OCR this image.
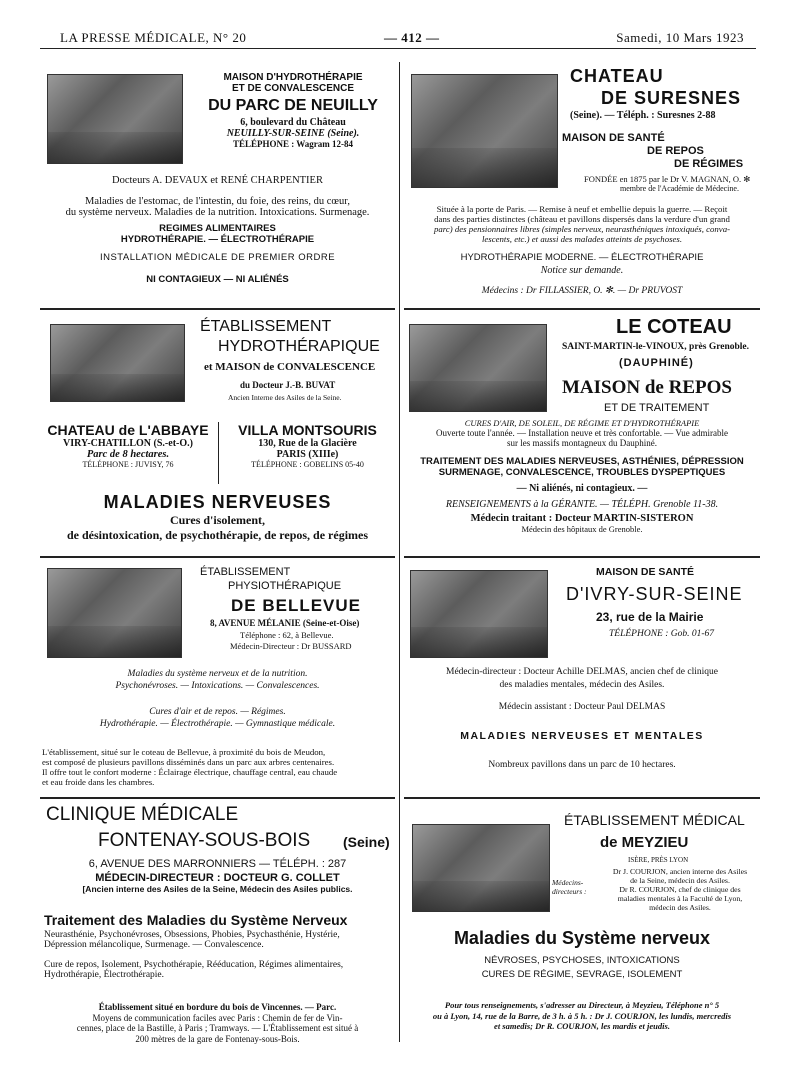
LA PRESSE MÉDICALE, N° 20	— 412 —	Samedi, 10 Mars 1923

MAISON D'HYDROTHÉRAPIE

ET DE CONVALESCENCE

DU PARC DE NEUILLY

6, boulevard du Château

NEUILLY-SUR-SEINE (Seine).

TÉLÉPHONE : Wagram 12-84

Docteurs A. DEVAUX et RENÉ CHARPENTIER

Maladies de l'estomac, de l'intestin, du foie, des reins, du cœur,

du système nerveux. Maladies de la nutrition. Intoxications. Surmenage.

REGIMES ALIMENTAIRES

HYDROTHÉRAPIE. — ÉLECTROTHÉRAPIE

INSTALLATION MÉDICALE DE PREMIER ORDRE

NI CONTAGIEUX — NI ALIÉNÉS

CHATEAU
DE SURESNES
(Seine). — Téléph. : Suresnes 2-88
MAISON DE SANTÉ
DE REPOS
DE RÉGIMES
FONDÉE en 1875 par le Dr V. MAGNAN, O. ✻
membre de l'Académie de Médecine.

Située à la porte de Paris. — Remise à neuf et embellie depuis la guerre. — Reçoit

dans des parties distinctes (château et pavillons dispersés dans la verdure d'un grand

parc) des pensionnaires libres (simples nerveux, neurasthéniques intoxiqués, conva-

lescents, etc.) et aussi des malades atteints de psychoses.

HYDROTHÉRAPIE MODERNE. — ÉLECTROTHÉRAPIE

Notice sur demande.

Médecins : Dr FILLASSIER, O. ✻. — Dr PRUVOST

ÉTABLISSEMENT
HYDROTHÉRAPIQUE
et MAISON de CONVALESCENCE
du Docteur J.-B. BUVAT
Ancien Interne des Asiles de la Seine.

CHATEAU de L'ABBAYE

VIRY-CHATILLON (S.-et-O.)

Parc de 8 hectares.

TÉLÉPHONE : JUVISY, 76

VILLA MONTSOURIS

130, Rue de la Glacière

PARIS (XIIIe)

TÉLÉPHONE : GOBELINS 05-40

MALADIES NERVEUSES

Cures d'isolement,

de désintoxication, de psychothérapie, de repos, de régimes

LE COTEAU
SAINT-MARTIN-le-VINOUX, près Grenoble.
(DAUPHINÉ)
MAISON de REPOS
ET DE TRAITEMENT

CURES D'AIR, DE SOLEIL, DE RÉGIME ET D'HYDROTHÉRAPIE

Ouverte toute l'année. — Installation neuve et très confortable. — Vue admirable

sur les massifs montagneux du Dauphiné.

TRAITEMENT DES MALADIES NERVEUSES, ASTHÉNIES, DÉPRESSION

SURMENAGE, CONVALESCENCE, TROUBLES DYSPEPTIQUES

— Ni aliénés, ni contagieux. —

RENSEIGNEMENTS à la GÉRANTE. — TÉLÉPH. Grenoble 11-38.

Médecin traitant : Docteur MARTIN-SISTERON

Médecin des hôpitaux de Grenoble.

ÉTABLISSEMENT
PHYSIOTHÉRAPIQUE
DE BELLEVUE
8, AVENUE MÉLANIE (Seine-et-Oise)
Téléphone : 62, à Bellevue.
Médecin-Directeur : Dr BUSSARD

Maladies du système nerveux et de la nutrition.

Psychonévroses. — Intoxications. — Convalescences.

Cures d'air et de repos. — Régimes.

Hydrothérapie. — Électrothérapie. — Gymnastique médicale.

L'établissement, situé sur le coteau de Bellevue, à proximité du bois de Meudon,

est composé de plusieurs pavillons disséminés dans un parc aux arbres centenaires.

Il offre tout le confort moderne : Éclairage électrique, chauffage central, eau chaude

et eau froide dans les chambres.

MAISON DE SANTÉ
D'IVRY-SUR-SEINE
23, rue de la Mairie
TÉLÉPHONE : Gob. 01-67

Médecin-directeur : Docteur Achille DELMAS, ancien chef de clinique

des maladies mentales, médecin des Asiles.

Médecin assistant : Docteur Paul DELMAS

MALADIES NERVEUSES ET MENTALES

Nombreux pavillons dans un parc de 10 hectares.

CLINIQUE MÉDICALE
FONTENAY-SOUS-BOIS (Seine)

6, AVENUE DES MARRONNIERS — TÉLÉPH. : 287

MÉDECIN-DIRECTEUR : DOCTEUR G. COLLET

[Ancien interne des Asiles de la Seine, Médecin des Asiles publics.

Traitement des Maladies du Système Nerveux

Neurasthénie, Psychonévroses, Obsessions, Phobies, Psychasthénie, Hystérie,

Dépression mélancolique, Surmenage. — Convalescence.

Cure de repos, Isolement, Psychothérapie, Rééducation, Régimes alimentaires,

Hydrothérapie, Électrothérapie.

Établissement situé en bordure du bois de Vincennes. — Parc.

Moyens de communication faciles avec Paris : Chemin de fer de Vin-

cennes, place de la Bastille, à Paris ; Tramways. — L'Établissement est situé à

200 mètres de la gare de Fontenay-sous-Bois.

ÉTABLISSEMENT MÉDICAL
de MEYZIEU
ISÈRE, PRÈS LYON
Médecins-directeurs :

Dr J. COURJON, ancien interne des Asiles

de la Seine, médecin des Asiles.

Dr R. COURJON, chef de clinique des

maladies mentales à la Faculté de Lyon,

médecin des Asiles.

Maladies du Système nerveux

NÉVROSES, PSYCHOSES, INTOXICATIONS

CURES DE RÉGIME, SEVRAGE, ISOLEMENT

Pour tous renseignements, s'adresser au Directeur, à Meyzieu, Téléphone n° 5

ou à Lyon, 14, rue de la Barre, de 3 h. à 5 h. : Dr J. COURJON, les lundis, mercredis

et samedis; Dr R. COURJON, les mardis et jeudis.
